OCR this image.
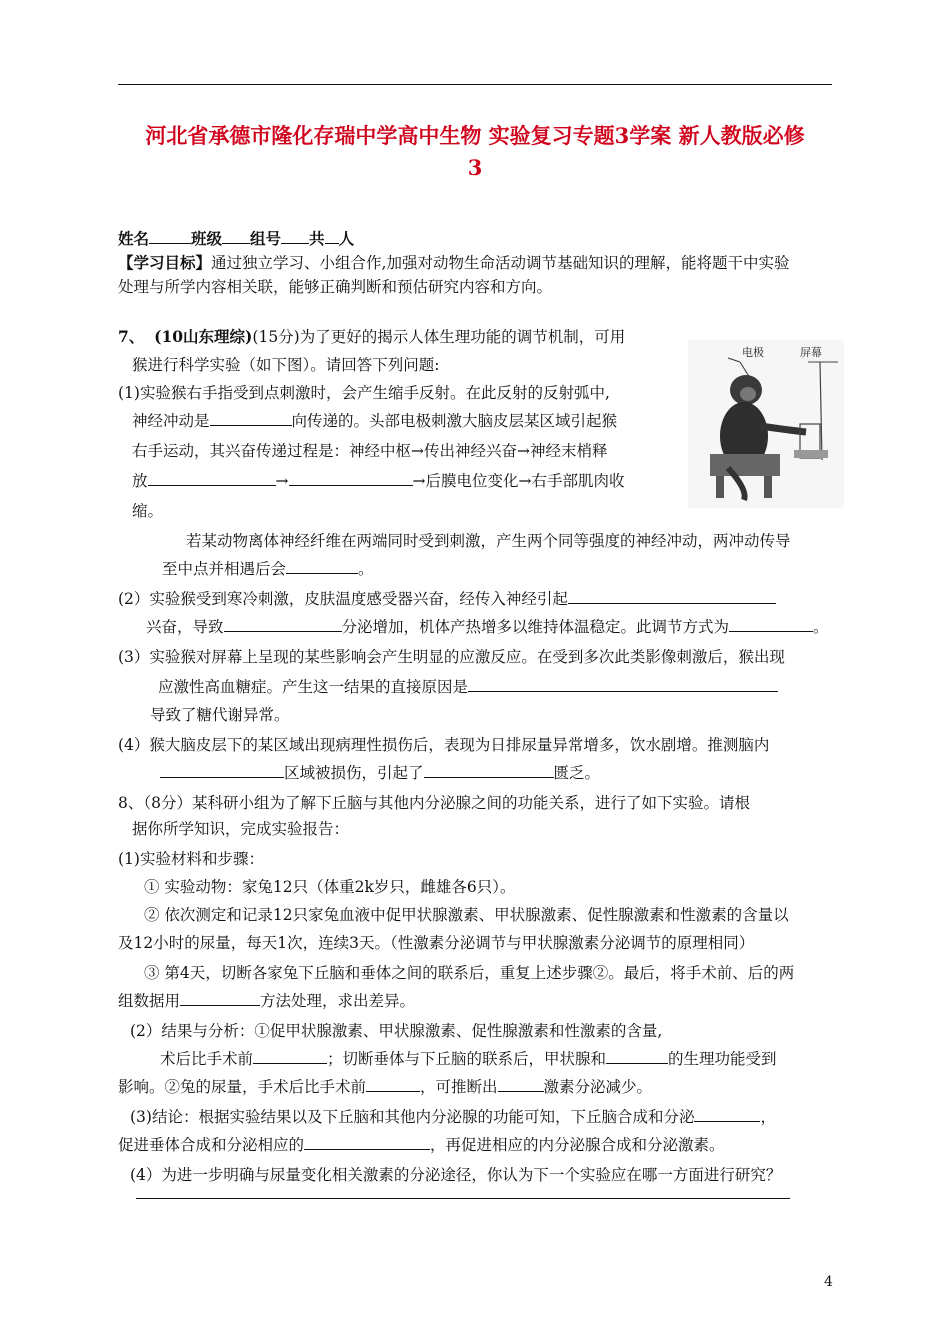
河北省承德市隆化存瑞中学高中生物 实验复习专题3学案 新人教版必修
3
姓名	班级 组号 共 人
【学习目标】通过独立学习、小组合作,加强对动物生命活动调节基础知识的理解，能将题干中实验
处理与所学内容相关联，能够正确判断和预估研究内容和方向。
7、 (10山东理综)(15分)为了更好的揭示人体生理功能的调节机制，可用
猴进行科学实验（如下图）。请回答下列问题:
(1)实验猴右手指受到点刺激时，会产生缩手反射。在此反射的反射弧中,
神经冲动是	向传递的。头部电极刺激大脑皮层某区域引起猴
右手运动，其兴奋传递过程是：神经中枢→传出神经兴奋→神经末梢释
放	→	→后膜电位变化→右手部肌肉收
缩。
电极	屏幕
若某动物离体神经纤维在两端同时受到刺激，产生两个同等强度的神经冲动，两冲动传导
至中点并相遇后会	。
(2）实验猴受到寒冷刺激，皮肤温度感受器兴奋，经传入神经引起
兴奋，导致	分泌增加，机体产热增多以维持体温稳定。此调节方式为	。
(3）实验猴对屏幕上呈现的某些影响会产生明显的应激反应。在受到多次此类影像刺激后，猴出现
应激性高血糖症。产生这一结果的直接原因是
导致了糖代谢异常。
(4）猴大脑皮层下的某区域出现病理性损伤后，表现为日排尿量异常增多，饮水剧增。推测脑内
区域被损伤，引起了	匮乏。
8、（8分）某科研小组为了解下丘脑与其他内分泌腺之间的功能关系，进行了如下实验。请根
据你所学知识，完成实验报告：
(1)实验材料和步骤：
① 实验动物：家兔12只（体重2k岁只，雌雄各6只）。
② 依次测定和记录12只家兔血液中促甲状腺激素、甲状腺激素、促性腺激素和性激素的含量以
及12小时的尿量，每天1次，连续3天。（性激素分泌调节与甲状腺激素分泌调节的原理相同）
③ 第4天，切断各家兔下丘脑和垂体之间的联系后，重复上述步骤②。最后，将手术前、后的两
组数据用	方法处理，求出差异。
(2）结果与分析：①促甲状腺激素、甲状腺激素、促性腺激素和性激素的含量,
术后比手术前	；切断垂体与下丘脑的联系后，甲状腺和	的生理功能受到
影响。②兔的尿量，手术后比手术前	，可推断出	激素分泌减少。
(3)结论：根据实验结果以及下丘脑和其他内分泌腺的功能可知，下丘脑合成和分泌	，
促进垂体合成和分泌相应的	，再促进相应的内分泌腺合成和分泌激素。
(4）为进一步明确与尿量变化相关激素的分泌途径，你认为下一个实验应在哪一方面进行研究？
4
